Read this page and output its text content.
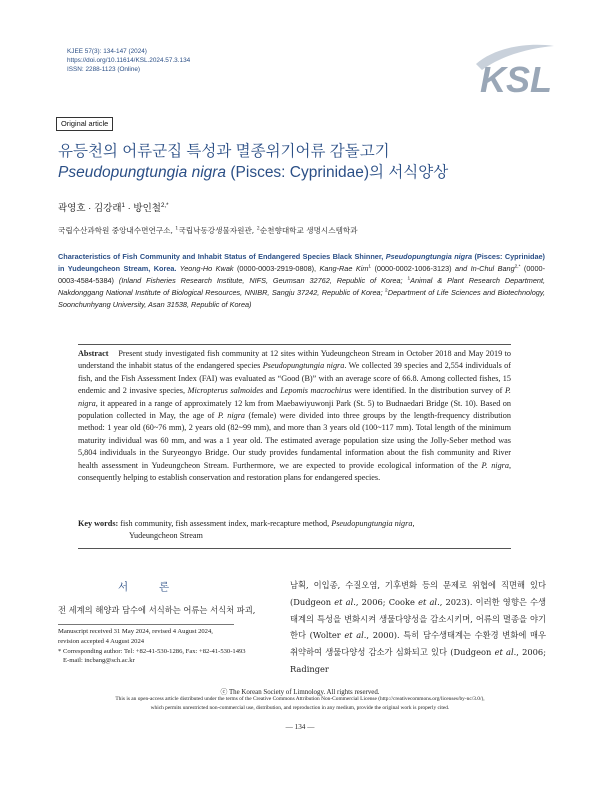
KJEE 57(3): 134-147 (2024)
https://doi.org/10.11614/KSL.2024.57.3.134
ISSN: 2288-1123 (Online)	KSL
Original article
유등천의 어류군집 특성과 멸종위기어류 감돌고기
Pseudopungtungia nigra (Pisces: Cyprinidae)의 서식양상
곽영호 · 김강래$^1$ · 방인철$^{2,*}$
국립수산과학원 중앙내수면연구소, $^1$국립낙동강생물자원관, $^2$순천향대학교 생명시스템학과
Characteristics of Fish Community and Inhabit Status of Endangered Species Black Shinner, Pseudopungtungia nigra (Pisces: Cyprinidae) in Yudeungcheon Stream, Korea. Yeong-Ho Kwak (0000-0003-2919-0808), Kang-Rae Kim$^1$ (0000-0002-1006-3123) and In-Chul Bang$^{2,*}$ (0000-0003-4584-5384) (Inland Fisheries Research Institute, NIFS, Geumsan 32762, Republic of Korea; $^1$Animal & Plant Research Department, Nakdonggang National Institute of Biological Resources, NNIBR, Sangju 37242, Republic of Korea; $^2$Department of Life Sciences and Biotechnology, Soonchunhyang University, Asan 31538, Republic of Korea)
Abstract Present study investigated fish community at 12 sites within Yudeungcheon Stream in October 2018 and May 2019 to understand the inhabit status of the endangered species Pseudopungtungia nigra. We collected 39 species and 2,554 individuals of fish, and the Fish Assessment Index (FAI) was evaluated as “Good (B)” with an average score of 66.8. Among collected fishes, 15 endemic and 2 invasive species, Micropterus salmoides and Lepomis macrochirus were identified. In the distribution survey of P. nigra, it appeared in a range of approximately 12 km from Maebawiyuwonji Park (St. 5) to Budnaedari Bridge (St. 10). Based on population collected in May, the age of P. nigra (female) were divided into three groups by the length-frequency distribution method: 1 year old (60~76 mm), 2 years old (82~99 mm), and more than 3 years old (100~117 mm). Total length of the minimum maturity individual was 60 mm, and was a 1 year old. The estimated average population size using the Jolly-Seber method was 5,804 individuals in the Suryeongyo Bridge. Our study provides fundamental information about the fish community and River health assessment in Yudeungcheon Stream. Furthermore, we are expected to provide ecological information of the P. nigra, consequently helping to establish conservation and restoration plans for endangered species.
Key words: fish community, fish assessment index, mark-recapture method, Pseudopungtungia nigra,
Yudeungcheon Stream
서 론
전 세계의 해양과 담수에 서식하는 어류는 서식처 파괴,
남획, 이입종, 수질오염, 기후변화 등의 문제로 위협에 직면해 있다 (Dudgeon et al., 2006; Cooke et al., 2023). 이러한 영향은 수생태계의 특성을 변화시켜 생물다양성을 감소시키며, 어류의 멸종을 야기한다 (Wolter et al., 2000). 특히 담수생태계는 수환경 변화에 매우 취약하여 생물다양성 감소가 심화되고 있다 (Dudgeon et al., 2006; Radinger
Manuscript received 31 May 2024, revised 4 August 2024,
revision accepted 4 August 2024
* Corresponding author: Tel: +82-41-530-1286, Fax: +82-41-530-1493
E-mail: incbang@sch.ac.kr
ⓒ The Korean Society of Limnology. All rights reserved.
This is an open-access article distributed under the terms of the Creative Commons Attribution Non-Commercial License (http://creativecommons.org/licenses/by-nc/3.0/),
which permits unrestricted non-commercial use, distribution, and reproduction in any medium, provide the original work is properly cited.
— 134 —
